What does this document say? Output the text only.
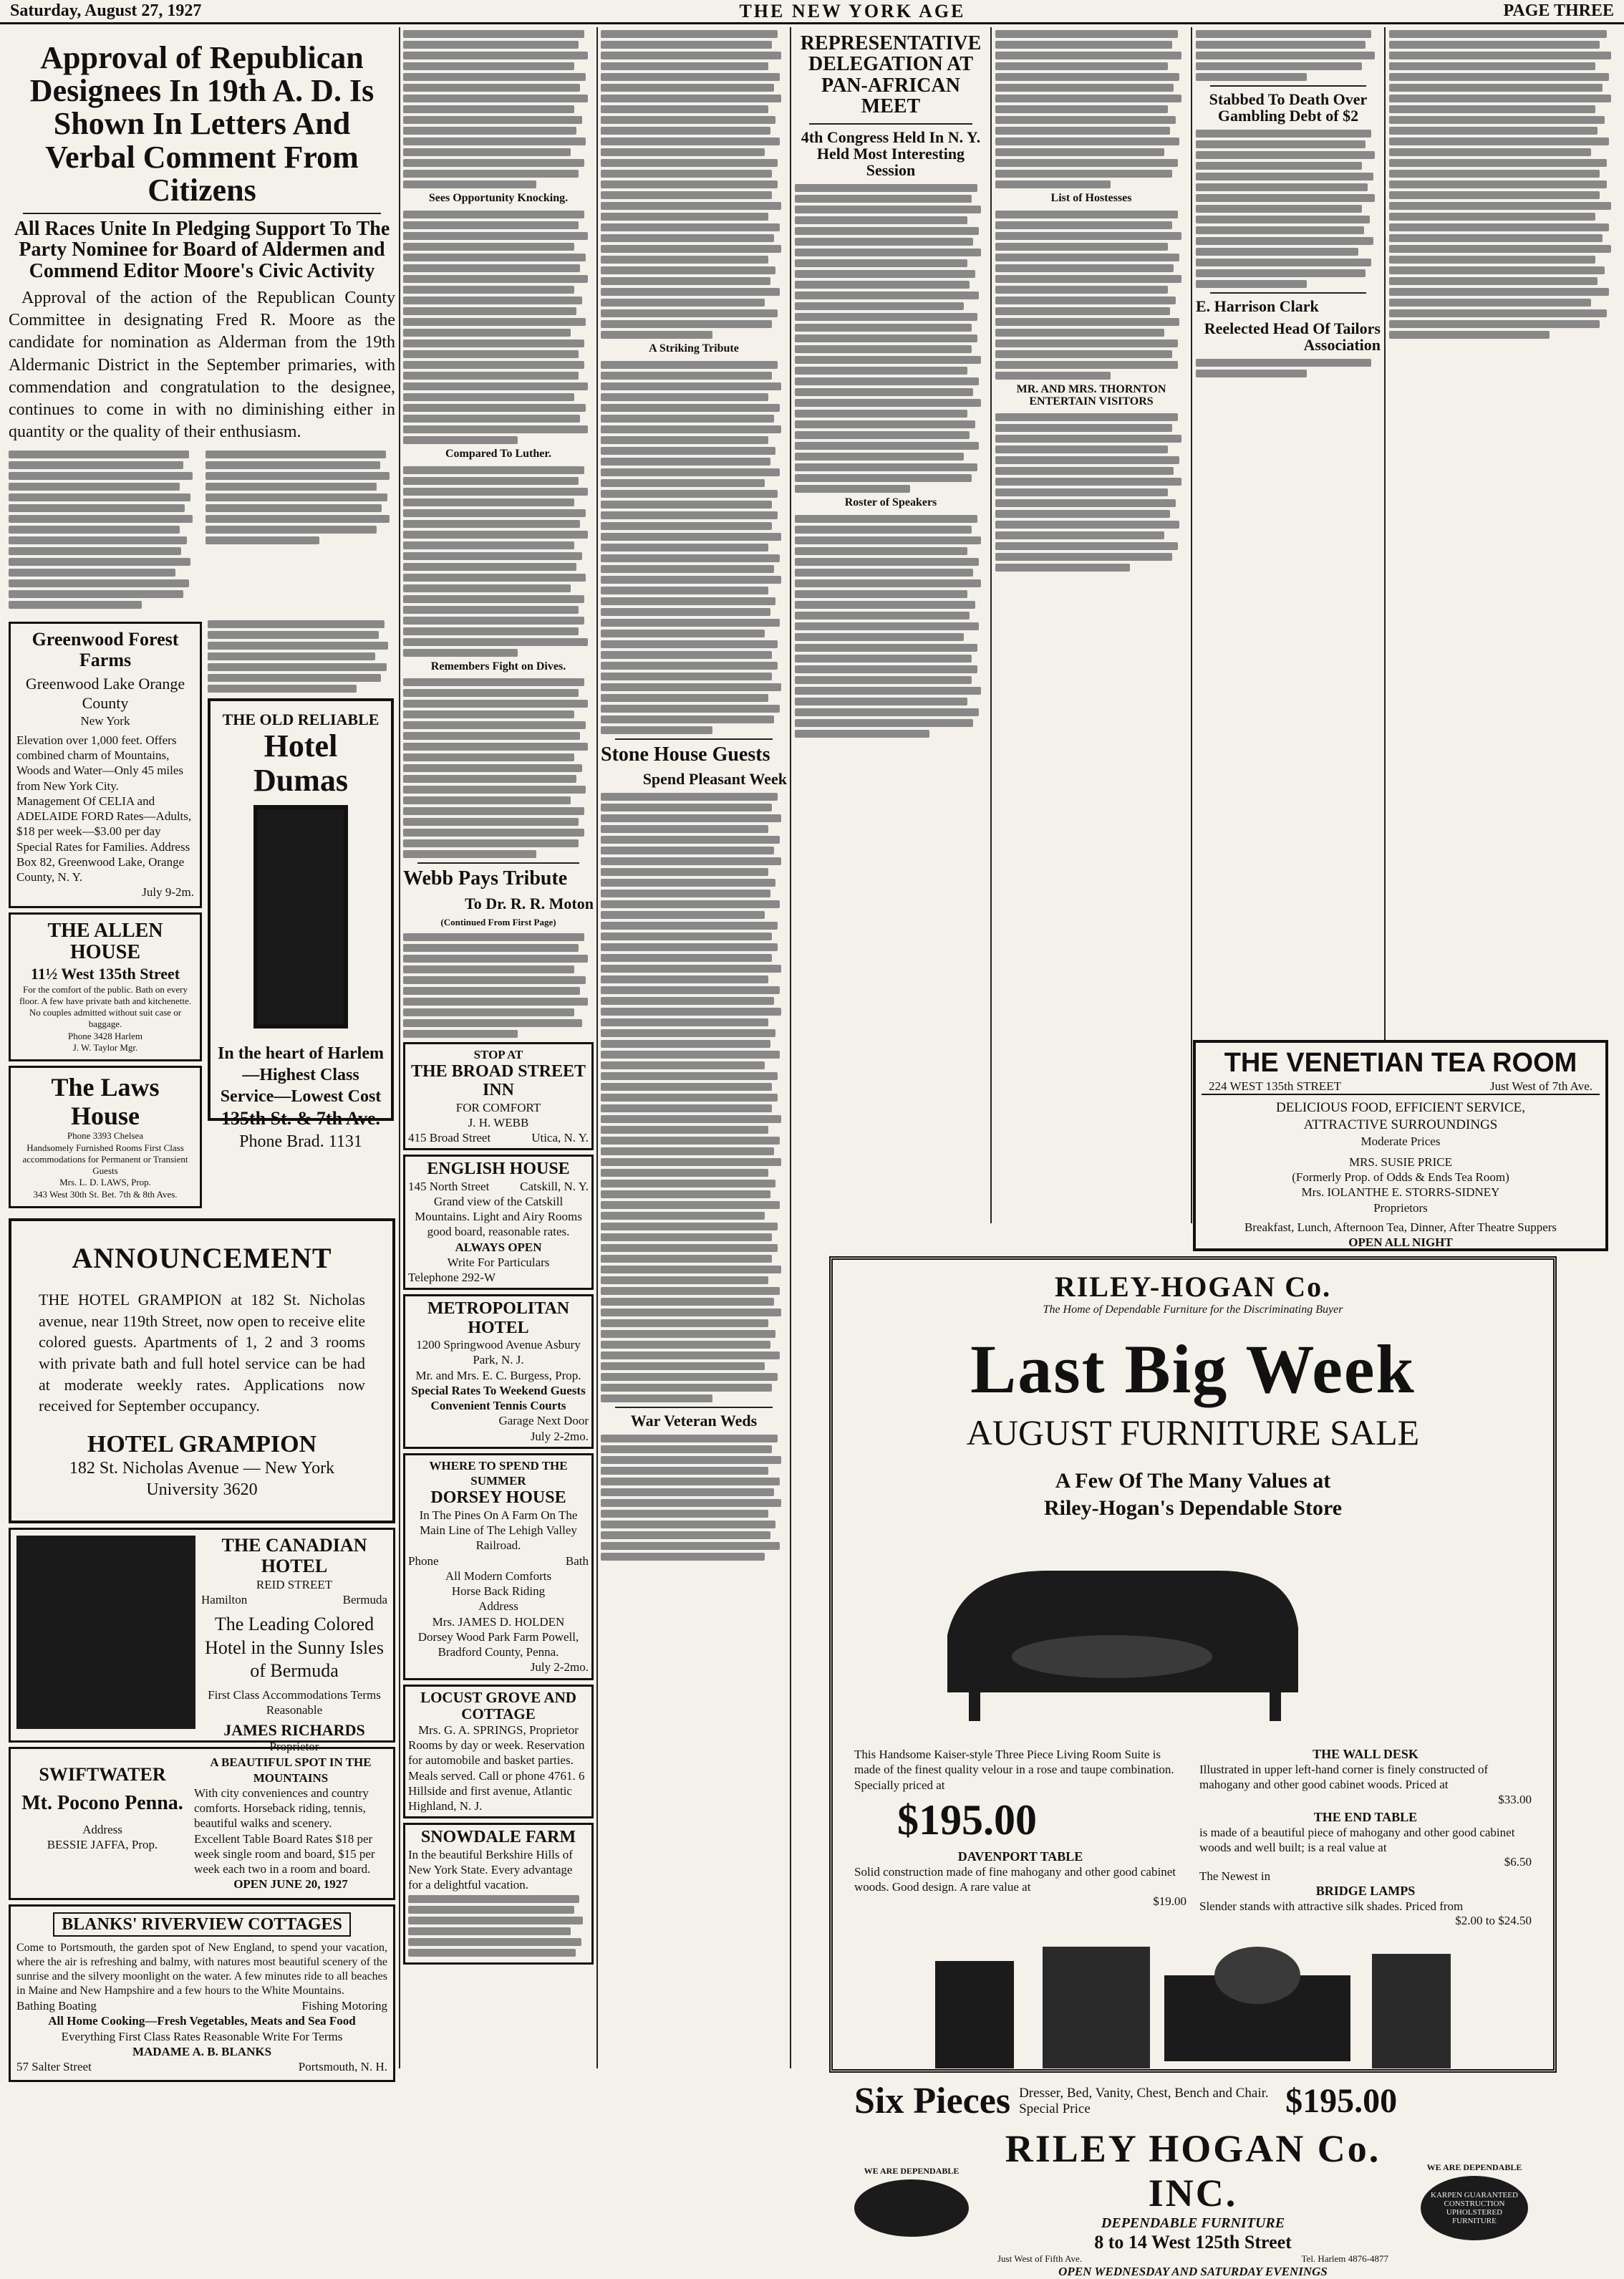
Saturday, August 27, 1927	THE NEW YORK AGE	PAGE THREE
Approval of Republican Designees In 19th A. D. Is Shown In Letters And Verbal Comment From Citizens
All Races Unite In Pledging Support To The Party Nominee for Board of Aldermen and Commend Editor Moore's Civic Activity

Approval of the action of the Republican County Committee in designating Fred R. Moore as the candidate for nomination as Alderman from the 19th Aldermanic District in the September primaries, with commendation and congratulation to the designee, continues to come in with no diminishing either in quantity or the quality of their enthusiasm.

Greenwood Forest Farms
Greenwood Lake Orange County
New York
Elevation over 1,000 feet. Offers combined charm of Mountains, Woods and Water—Only 45 miles from New York City.
Management Of CELIA and ADELAIDE FORD Rates—Adults, $18 per week—$3.00 per day Special Rates for Families. Address Box 82, Greenwood Lake, Orange County, N. Y.
July 9-2m.
THE ALLEN HOUSE
11½ West 135th Street
For the comfort of the public. Bath on every floor. A few have private bath and kitchenette. No couples admitted without suit case or baggage.
Phone 3428 Harlem
J. W. Taylor Mgr.
The Laws House
Phone 3393 Chelsea
Handsomely Furnished Rooms First Class accommodations for Permanent or Transient Guests
Mrs. L. D. LAWS, Prop.
343 West 30th St. Bet. 7th & 8th Aves.
THE OLD RELIABLE
Hotel Dumas
In the heart of Harlem—Highest Class Service—Lowest Cost
135th St. & 7th Ave.
Phone Brad. 1131
ANNOUNCEMENT
THE HOTEL GRAMPION at 182 St. Nicholas avenue, near 119th Street, now open to receive elite colored guests. Apartments of 1, 2 and 3 rooms with private bath and full hotel service can be had at moderate weekly rates. Applications now received for September occupancy.
HOTEL GRAMPION
182 St. Nicholas Avenue — New York
University 3620
THE CANADIAN HOTEL
REID STREET
Hamilton	Bermuda
The Leading Colored Hotel in the Sunny Isles of Bermuda
First Class Accommodations Terms Reasonable
JAMES RICHARDS
Proprietor
SWIFTWATER
Mt. Pocono Penna.
Address
BESSIE JAFFA, Prop.
A BEAUTIFUL SPOT IN THE MOUNTAINS
With city conveniences and country comforts. Horseback riding, tennis, beautiful walks and scenery.
Excellent Table Board Rates $18 per week single room and board, $15 per week each two in a room and board.
OPEN JUNE 20, 1927
BLANKS' RIVERVIEW COTTAGES
Come to Portsmouth, the garden spot of New England, to spend your vacation, where the air is refreshing and balmy, with natures most beautiful scenery of the sunrise and the silvery moonlight on the water. A few minutes ride to all beaches in Maine and New Hampshire and a few hours to the White Mountains.
Bathing Boating	Fishing Motoring
All Home Cooking—Fresh Vegetables, Meats and Sea Food
Everything First Class Rates Reasonable Write For Terms
MADAME A. B. BLANKS
57 Salter Street	Portsmouth, N. H.
Sees Opportunity Knocking.
Compared To Luther.
Remembers Fight on Dives.
Webb Pays Tribute
To Dr. R. R. Moton
(Continued From First Page)
STOP AT
THE BROAD STREET INN
FOR COMFORT
J. H. WEBB
415 Broad Street	Utica, N. Y.
ENGLISH HOUSE
145 North Street	Catskill, N. Y.
Grand view of the Catskill Mountains. Light and Airy Rooms good board, reasonable rates.
ALWAYS OPEN
Write For Particulars
Telephone 292-W
METROPOLITAN HOTEL
1200 Springwood Avenue Asbury Park, N. J.
Mr. and Mrs. E. C. Burgess, Prop.
Special Rates To Weekend Guests Convenient Tennis Courts
Garage Next Door
July 2-2mo.
WHERE TO SPEND THE SUMMER
DORSEY HOUSE
In The Pines On A Farm On The Main Line of The Lehigh Valley Railroad.
Phone	Bath
All Modern Comforts
Horse Back Riding
Address
Mrs. JAMES D. HOLDEN
Dorsey Wood Park Farm Powell, Bradford County, Penna.
July 2-2mo.
LOCUST GROVE AND COTTAGE
Mrs. G. A. SPRINGS, Proprietor
Rooms by day or week. Reservation for automobile and basket parties. Meals served. Call or phone 4761. 6 Hillside and first avenue, Atlantic Highland, N. J.
SNOWDALE FARM
In the beautiful Berkshire Hills of New York State. Every advantage for a delightful vacation.
A Striking Tribute
Stone House Guests
Spend Pleasant Week
War Veteran Weds
REPRESENTATIVE DELEGATION AT PAN-AFRICAN MEET
4th Congress Held In N. Y. Held Most Interesting Session
Roster of Speakers
List of Hostesses
MR. AND MRS. THORNTON ENTERTAIN VISITORS
Stabbed To Death Over Gambling Debt of $2
E. Harrison Clark
Reelected Head Of Tailors Association
THE VENETIAN TEA ROOM
224 WEST 135th STREET	Just West of 7th Ave.
DELICIOUS FOOD, EFFICIENT SERVICE,
ATTRACTIVE SURROUNDINGS
Moderate Prices
MRS. SUSIE PRICE
(Formerly Prop. of Odds & Ends Tea Room)
Mrs. IOLANTHE E. STORRS-SIDNEY
Proprietors
Breakfast, Lunch, Afternoon Tea, Dinner, After Theatre Suppers
OPEN ALL NIGHT
RILEY-HOGAN Co.
The Home of Dependable Furniture for the Discriminating Buyer
Last Big Week
AUGUST FURNITURE SALE
A Few Of The Many Values at
Riley-Hogan's Dependable Store
This Handsome Kaiser-style Three Piece Living Room Suite is made of the finest quality velour in a rose and taupe combination. Specially priced at
$195.00
DAVENPORT TABLE
Solid construction made of fine mahogany and other good cabinet woods. Good design. A rare value at
$19.00
THE WALL DESK
Illustrated in upper left-hand corner is finely constructed of mahogany and other good cabinet woods. Priced at
$33.00
THE END TABLE
is made of a beautiful piece of mahogany and other good cabinet woods and well built; is a real value at
$6.50
The Newest in
BRIDGE LAMPS
Slender stands with attractive silk shades. Priced from
$2.00 to $24.50
Six Pieces Dresser, Bed, Vanity, Chest, Bench and Chair. Special Price	$195.00
WE ARE DEPENDABLE
RILEY HOGAN Co. INC.
DEPENDABLE FURNITURE
8 to 14 West 125th Street
Just West of Fifth Ave.	Tel. Harlem 4876-4877
OPEN WEDNESDAY AND SATURDAY EVENINGS
WE ARE DEPENDABLE
KARPEN GUARANTEED CONSTRUCTION UPHOLSTERED FURNITURE
